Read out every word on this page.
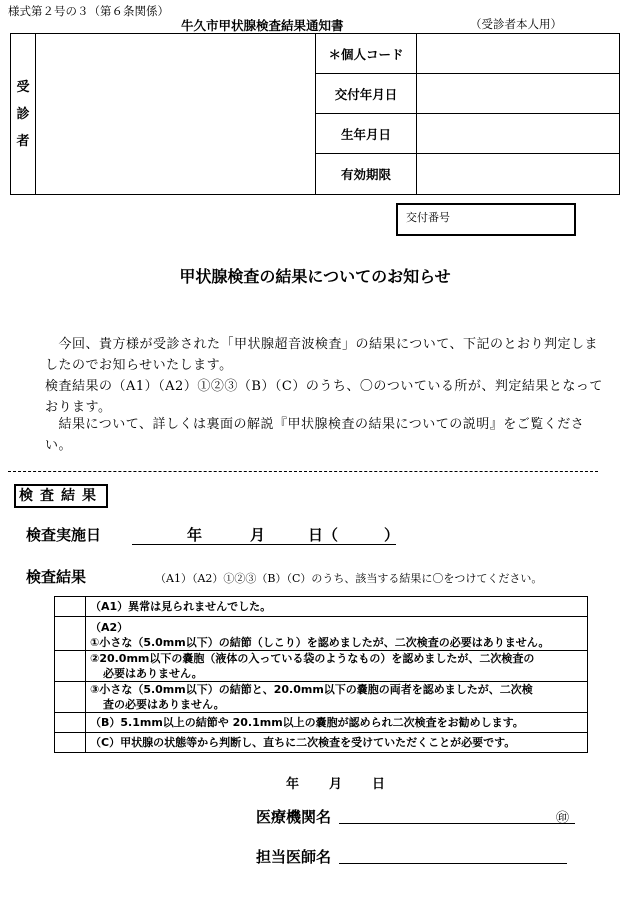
様式第２号の３（第６条関係）
牛久市甲状腺検査結果通知書	（受診者本人用）
受
診
者		＊個人コード	
		交付年月日	
		生年月日	
		有効期限	
交付番号
甲状腺検査の結果についてのお知らせ
　今回、貴方様が受診された「甲状腺超音波検査」の結果について、下記のとおり判定しましたのでお知らせいたします。
検査結果の（A1）（A2）①②③（B）（C）のうち、〇のついている所が、判定結果となっております。
　結果について、詳しくは裏面の解説『甲状腺検査の結果についての説明』をご覧ください。
検査結果
検査実施日	年	月	日（	）
検査結果	（A1）（A2）①②③（B）（C）のうち、該当する結果に〇をつけてください。
	（A1）異常は見られませんでした。
	（A2）
①小さな（5.0mm以下）の結節（しこり）を認めましたが、二次検査の必要はありません。
	②20.0mm以下の嚢胞（液体の入っている袋のようなもの）を認めましたが、二次検査の
必要はありません。

	③小さな（5.0mm以下）の結節と、20.0mm以下の嚢胞の両者を認めましたが、二次検
査の必要はありません。

	（B）5.1mm以上の結節や 20.1mm以上の嚢胞が認められ二次検査をお勧めします。
	（C）甲状腺の状態等から判断し、直ちに二次検査を受けていただくことが必要です。
年 月 日
医療機関名	㊞
担当医師名
